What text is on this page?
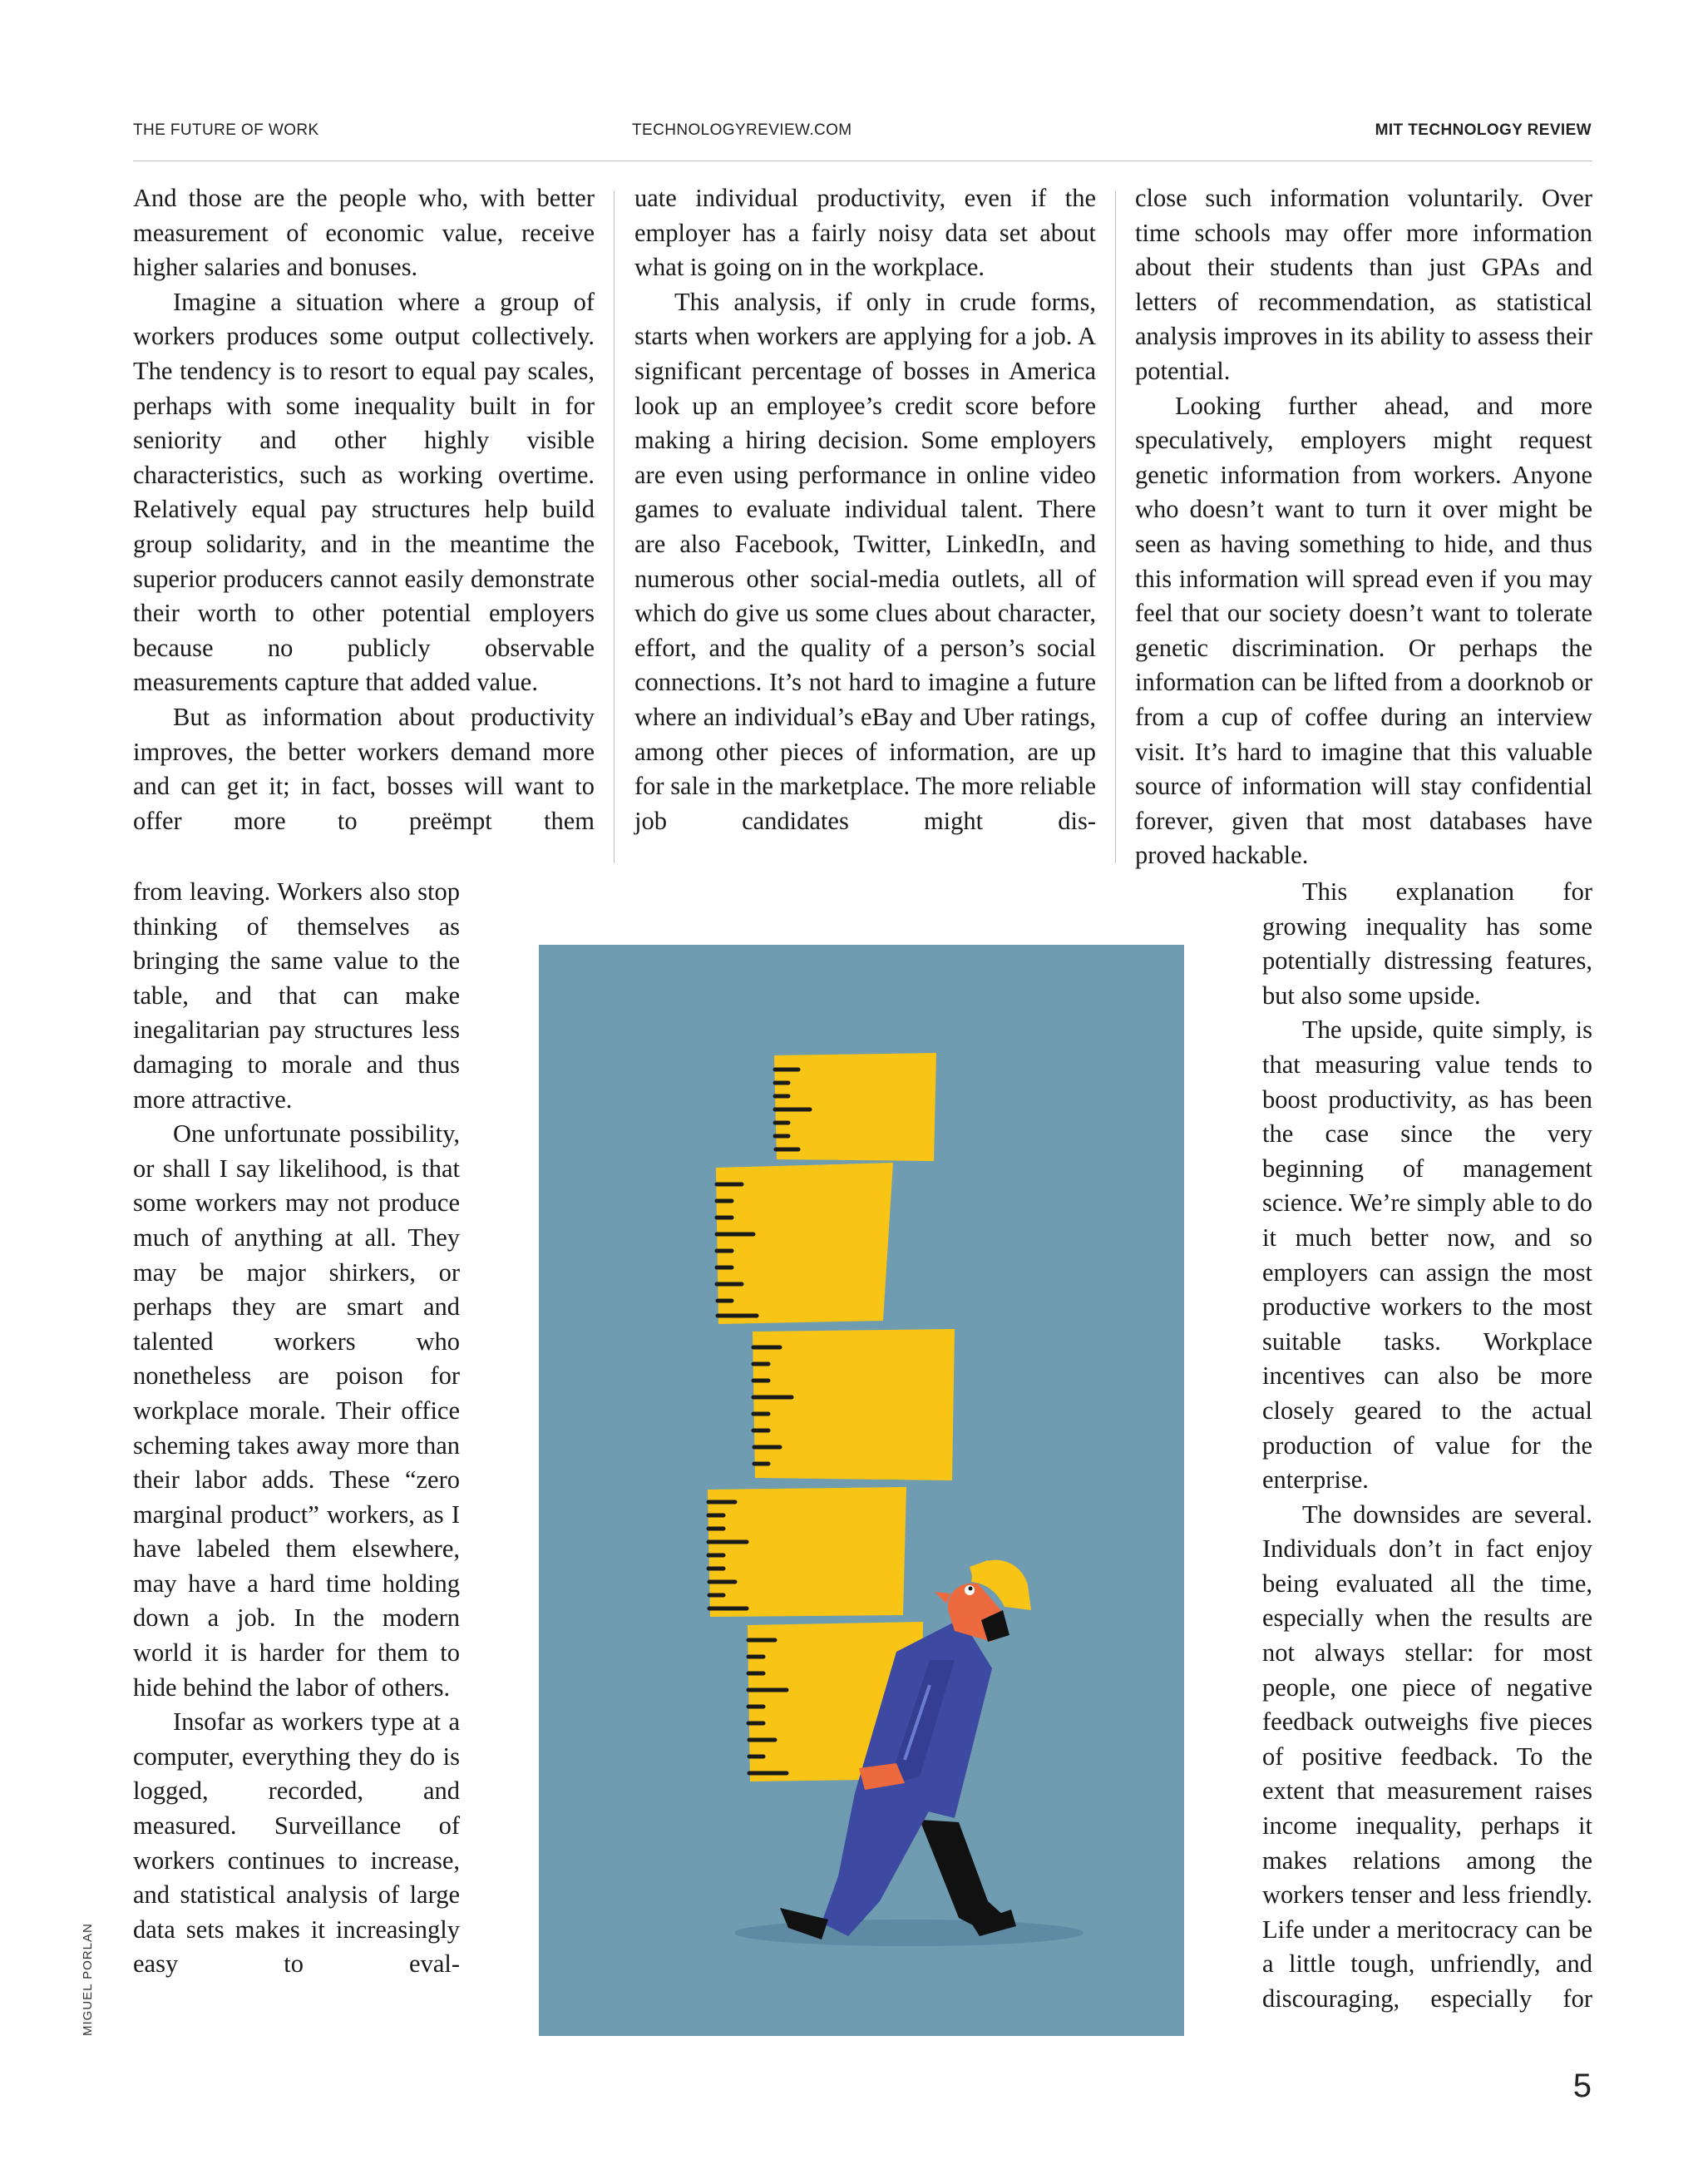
THE FUTURE OF WORK	TECHNOLOGYREVIEW.COM	MIT TECHNOLOGY REVIEW

And those are the people who, with better measurement of economic value, receive higher salaries and bonuses.

Imagine a situation where a group of workers produces some output collectively. The tendency is to resort to equal pay scales, perhaps with some inequality built in for seniority and other highly visible characteristics, such as working overtime. Relatively equal pay structures help build group solidarity, and in the meantime the superior producers cannot easily demonstrate their worth to other potential employers because no publicly observable measurements capture that added value.

But as information about productivity improves, the better workers demand more and can get it; in fact, bosses will want to offer more to preëmpt them

uate individual productivity, even if the employer has a fairly noisy data set about what is going on in the workplace.

This analysis, if only in crude forms, starts when workers are applying for a job. A significant percentage of bosses in America look up an employee’s credit score before making a hiring decision. Some employers are even using performance in online video games to evaluate individual talent. There are also Facebook, Twitter, LinkedIn, and numerous other social-media outlets, all of which do give us some clues about character, effort, and the quality of a person’s social connections. It’s not hard to imagine a future where an individual’s eBay and Uber ratings, among other pieces of information, are up for sale in the marketplace. The more reliable job candidates might dis-

close such information voluntarily. Over time schools may offer more information about their students than just GPAs and letters of recommendation, as statistical analysis improves in its ability to assess their potential.

Looking further ahead, and more speculatively, employers might request genetic information from workers. Anyone who doesn’t want to turn it over might be seen as having something to hide, and thus this information will spread even if you may feel that our society doesn’t want to tolerate genetic discrimination. Or perhaps the information can be lifted from a doorknob or from a cup of coffee during an interview visit. It’s hard to imagine that this valuable source of information will stay confidential forever, given that most databases have proved hackable.

from leaving. Workers also stop thinking of themselves as bringing the same value to the table, and that can make inegalitarian pay structures less damaging to morale and thus more attractive.

One unfortunate possibility, or shall I say likelihood, is that some workers may not produce much of anything at all. They may be major shirkers, or perhaps they are smart and talented workers who nonetheless are poison for workplace morale. Their office scheming takes away more than their labor adds. These “zero marginal product” workers, as I have labeled them elsewhere, may have a hard time holding down a job. In the modern world it is harder for them to hide behind the labor of others.

Insofar as workers type at a computer, everything they do is logged, recorded, and measured. Surveillance of workers continues to increase, and statistical analysis of large data sets makes it increasingly easy to eval-

This explanation for growing inequality has some potentially distressing features, but also some upside.

The upside, quite simply, is that measuring value tends to boost productivity, as has been the case since the very beginning of management science. We’re simply able to do it much better now, and so employers can assign the most productive workers to the most suitable tasks. Workplace incentives can also be more closely geared to the actual production of value for the enterprise.

The downsides are several. Individuals don’t in fact enjoy being evaluated all the time, especially when the results are not always stellar: for most people, one piece of negative feedback outweighs five pieces of positive feedback. To the extent that measurement raises income inequality, perhaps it makes relations among the workers tenser and less friendly. Life under a meritocracy can be a little tough, unfriendly, and discouraging, especially for

MIGUEL PORLAN
5
